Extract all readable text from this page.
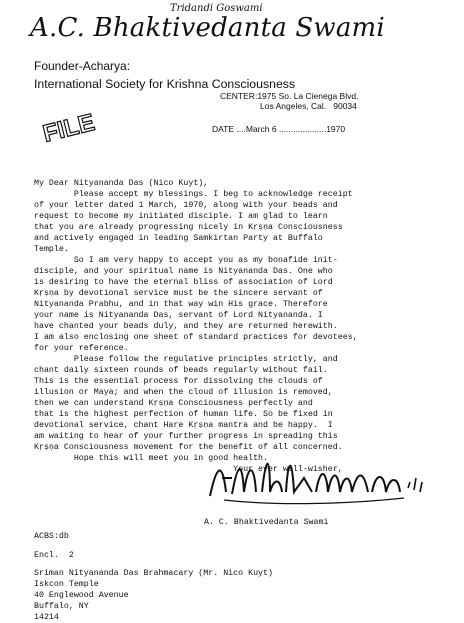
Tridandi Goswami
A.C. Bhaktivedanta Swami
Founder-Acharya:
International Society for Krishna Consciousness
CENTER:1975 So. La Cienega Blvd.
Los Angeles, Cal.   90034
FILE	DATE ....March 6 ....................1970
My Dear Nityananda Das (Nico Kuyt),
Please accept my blessings. I beg to acknowledge receipt
of your letter dated 1 March, 1970, along with your beads and
request to become my initiated disciple. I am glad to learn
that you are already progressing nicely in Kṛṣṇa Consciousness
and actively engaged in leading Samkirtan Party at Buffalo
Temple.
So I am very happy to accept you as my bonafide init-
disciple, and your spiritual name is Nityananda Das. One who
is desiring to have the eternal bliss of association of Lord
Kṛṣṇa by devotional service must be the sincere servant of
Nityananda Prabhu, and in that way win His grace. Therefore
your name is Nityananda Das, servant of Lord Nityananda. I
have chanted your beads duly, and they are returned herewith.
I am also enclosing one sheet of standard practices for devotees,
for your reference.
Please follow the regulative principles strictly, and
chant daily sixteen rounds of beads regularly without fail.
This is the essential process for dissolving the clouds of
illusion or Maya; and when the cloud of illusion is removed,
then we can understand Kṛṣṇa Consciousness perfectly and
that is the highest perfection of human life. So be fixed in
devotional service, chant Hare Kṛṣṇa mantra and be happy.  I
am waiting to hear of your further progress in spreading this
Kṛṣṇa Consciousness movement for the benefit of all concerned.
Hope this will meet you in good health.
Your ever well-wisher,
A. C. Bhaktivedanta Swami
ACBS:db
Encl.  2
Sriman Nityananda Das Brahmacary (Mr. Nico Kuyt)
Iskcon Temple
40 Englewood Avenue
Buffalo, NY
14214
